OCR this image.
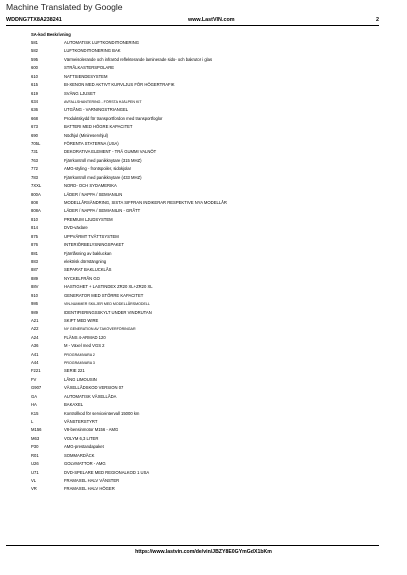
Machine Translated by Google
WDDNG7TX8A238241	www.LastVIN.com	2
SA-kod Beskrivning
581	AUTOMATISK LUFTKONDITIONERING
582	LUFTKONDITIONERING BAK
595	Värmeisolerande och infraröd reflekterande laminerade sido- och bakrutor i glas
600	STRÅLKASTERSPOLARE
610	NATTSIENDESYSTEM
615	BI-XENON MED AKTIVT KURVLJUS FÖR HÖGERTRAFIK
619	SVÄNG LJUSET
634	AVFALLSHANTERING - FÖRSTA HJÄLPEN KIT
636	UTGÅNG - VARNINGSTRIANGEL
668	Produktskydd för transportfordon med transportfoglor
673	BATTERI MED HÖGRE KAPACITET
690	Nödhjul (Minireservhjul)
705L	FÖRENTA STATERNA (USA)
731	DEKORATIVA ELEMENT - TRÄ GUMMI VALNÖT
763	Fjärrkontroll med panikknytare (315 MHZ)
772	AMG-styling - frontspoiler, sidokjolar
783	Fjärrkontroll med panikknytare (433 MHZ)
7XXL	NORD- OCH SYDAMERIKA
800A	LÄDER / NAPPA / SEMIANILIN
808	MODELLÅRSÄNDRING, SISTA SIFFRAN INDIKERAR RESPEKTIVE NYA MODELLÅR
808A	LÄDER / NAPPA / SEMIANILIN - GRÅTT
810	PREMIUM LJUDSYSTEM
814	DVD-växlare
875	UPPVÄRMT TVÄTTSYSTEM
876	INTERIÖRBELYSNINGSPAKET
881	Fjärrlåsning av bakluckan
883	elektrisk dörrstängning
887	SEPARAT BAKLUCKLÅS
889	NYCKELFRÅN GO
88V	HASTIGHET + LASTINDEX ZR20 XL+ZR20 XL
910	GENERATOR MED STÖRRE KAPACITET
986	VIN-NUMMER SKILJER MED MODELLÅRSMODELL
989	IDENTIFIERINGSSKYLT UNDER VINDRUTAN
A21	SKIFT MED WIRE
A22	NY GENERATION AV TAKÖVERFÖRINGAR
A24	FLÄNS 4-ARMAD 120
A36	M - Växel med VGS 2
A41	PROGRAMVARA 2
A44	PROGRAMVARA 3
F221	SERIE 221
FV	LÅNG LIMOUSIN
G907	VÄXELLÅDSKOD VERSION 07
GA	AUTOMATISK VÄXELLÅDA
HA	BAKAXEL
K15	Kontrollkod för serviceintervall 15000 km
L	VÄNSTERSTYRT
M156	V8-bensinmotor M156 - AMG
M63	VOLYM 6,3 LITER
P30	AMG-prestandapaket
R01	SOMMARDÄCK
U26	GOLVMATTOR - AMG
U71	DVD-SPELARE MED REGIONALKOD 1 USA
VL	FRAMAXEL HALV VÄNSTER
VR	FRAMAXEL HALV HÖGER
https://www.lastvin.com/de/vin/JBZY8E0GYmGdX1bKm
